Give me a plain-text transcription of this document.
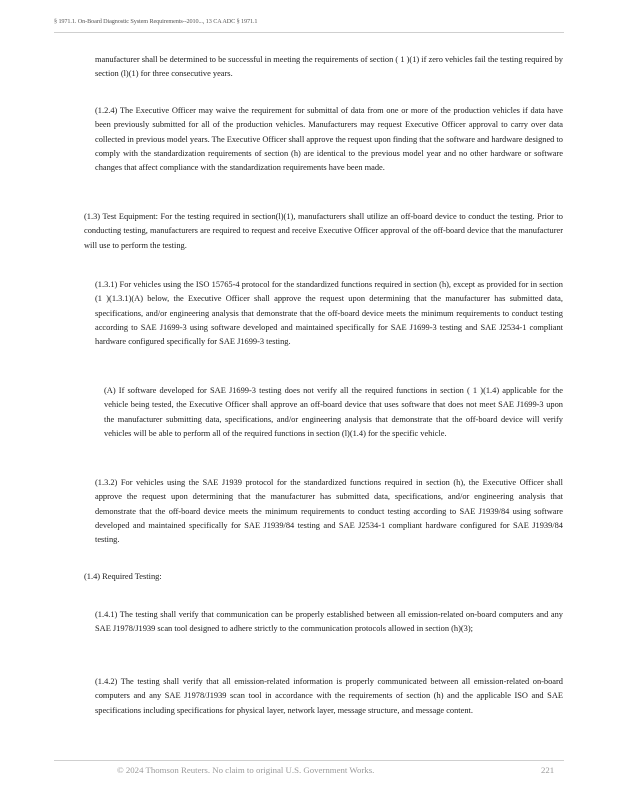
§ 1971.1. On-Board Diagnostic System Requirements--2010..., 13 CA ADC § 1971.1

manufacturer shall be determined to be successful in meeting the requirements of section ( 1 )(1) if zero vehicles fail the testing required by section (l)(1) for three consecutive years.

(1.2.4) The Executive Officer may waive the requirement for submittal of data from one or more of the production vehicles if data have been previously submitted for all of the production vehicles. Manufacturers may request Executive Officer approval to carry over data collected in previous model years. The Executive Officer shall approve the request upon finding that the software and hardware designed to comply with the standardization requirements of section (h) are identical to the previous model year and no other hardware or software changes that affect compliance with the standardization requirements have been made.

(1.3) Test Equipment: For the testing required in section(l)(1), manufacturers shall utilize an off-board device to conduct the testing. Prior to conducting testing, manufacturers are required to request and receive Executive Officer approval of the off-board device that the manufacturer will use to perform the testing.

(1.3.1) For vehicles using the ISO 15765-4 protocol for the standardized functions required in section (h), except as provided for in section (1 )(1.3.1)(A) below, the Executive Officer shall approve the request upon determining that the manufacturer has submitted data, specifications, and/or engineering analysis that demonstrate that the off-board device meets the minimum requirements to conduct testing according to SAE J1699-3 using software developed and maintained specifically for SAE J1699-3 testing and SAE J2534-1 compliant hardware configured specifically for SAE J1699-3 testing.

(A) If software developed for SAE J1699-3 testing does not verify all the required functions in section ( 1 )(1.4) applicable for the vehicle being tested, the Executive Officer shall approve an off-board device that uses software that does not meet SAE J1699-3 upon the manufacturer submitting data, specifications, and/or engineering analysis that demonstrate that the off-board device will verify vehicles will be able to perform all of the required functions in section (l)(1.4) for the specific vehicle.

(1.3.2) For vehicles using the SAE J1939 protocol for the standardized functions required in section (h), the Executive Officer shall approve the request upon determining that the manufacturer has submitted data, specifications, and/or engineering analysis that demonstrate that the off-board device meets the minimum requirements to conduct testing according to SAE J1939/84 using software developed and maintained specifically for SAE J1939/84 testing and SAE J2534-1 compliant hardware configured for SAE J1939/84 testing.

(1.4) Required Testing:

(1.4.1) The testing shall verify that communication can be properly established between all emission-related on-board computers and any SAE J1978/J1939 scan tool designed to adhere strictly to the communication protocols allowed in section (h)(3);

(1.4.2) The testing shall verify that all emission-related information is properly communicated between all emission-related on-board computers and any SAE J1978/J1939 scan tool in accordance with the requirements of section (h) and the applicable ISO and SAE specifications including specifications for physical layer, network layer, message structure, and message content.

© 2024 Thomson Reuters. No claim to original U.S. Government Works.	221
